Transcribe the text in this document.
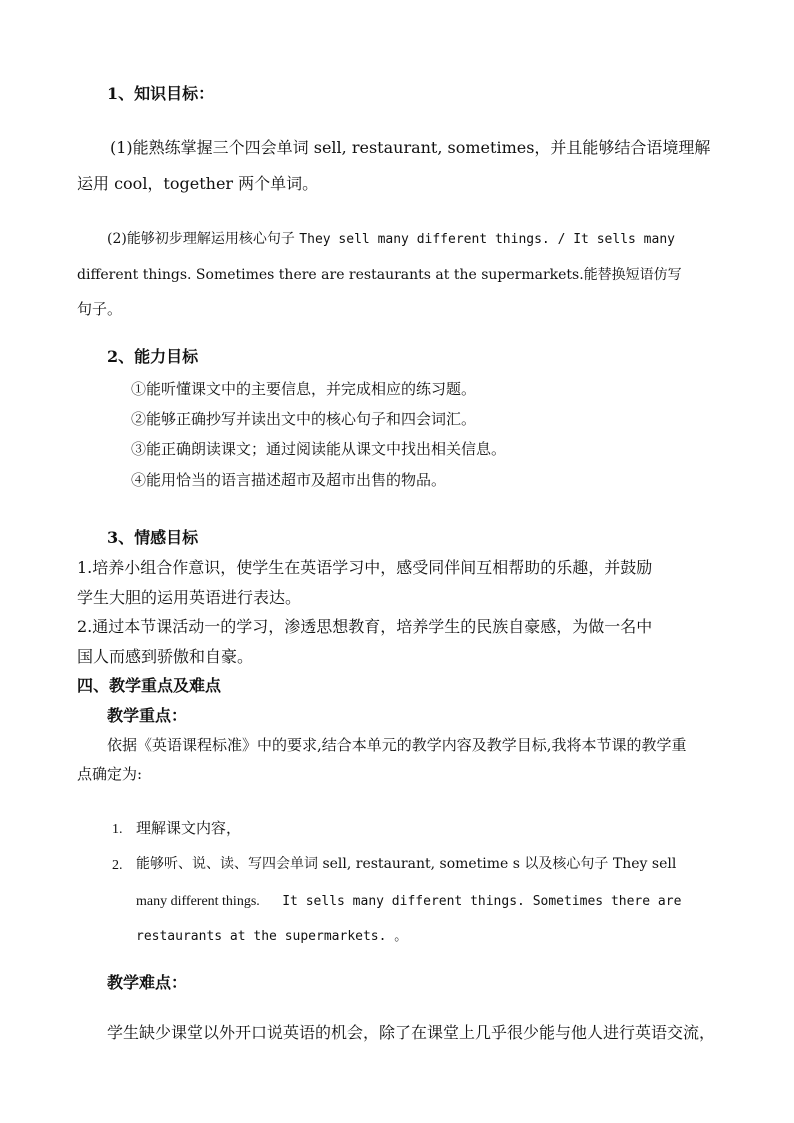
1、知识目标：
(1)能熟练掌握三个四会单词 sell, restaurant, sometimes，并且能够结合语境理解
运用 cool，together 两个单词。
(2)能够初步理解运用核心句子 They sell many different things. / It sells many
different things. Sometimes there are restaurants at the supermarkets.能替换短语仿写
句子。
2、能力目标
①能听懂课文中的主要信息，并完成相应的练习题。
②能够正确抄写并读出文中的核心句子和四会词汇。
③能正确朗读课文；通过阅读能从课文中找出相关信息。
④能用恰当的语言描述超市及超市出售的物品。
3、情感目标
1.培养小组合作意识，使学生在英语学习中，感受同伴间互相帮助的乐趣，并鼓励
学生大胆的运用英语进行表达。
2.通过本节课活动一的学习，渗透思想教育，培养学生的民族自豪感，为做一名中
国人而感到骄傲和自豪。
四、教学重点及难点
教学重点：
依据《英语课程标准》中的要求,结合本单元的教学内容及教学目标,我将本节课的教学重
点确定为:
1. 理解课文内容，
2. 能够听、说、读、写四会单词 sell, restaurant, sometime s 以及核心句子 They sell
many different things. It sells many different things. Sometimes there are
restaurants at the supermarkets. 。
教学难点：
学生缺少课堂以外开口说英语的机会，除了在课堂上几乎很少能与他人进行英语交流，
